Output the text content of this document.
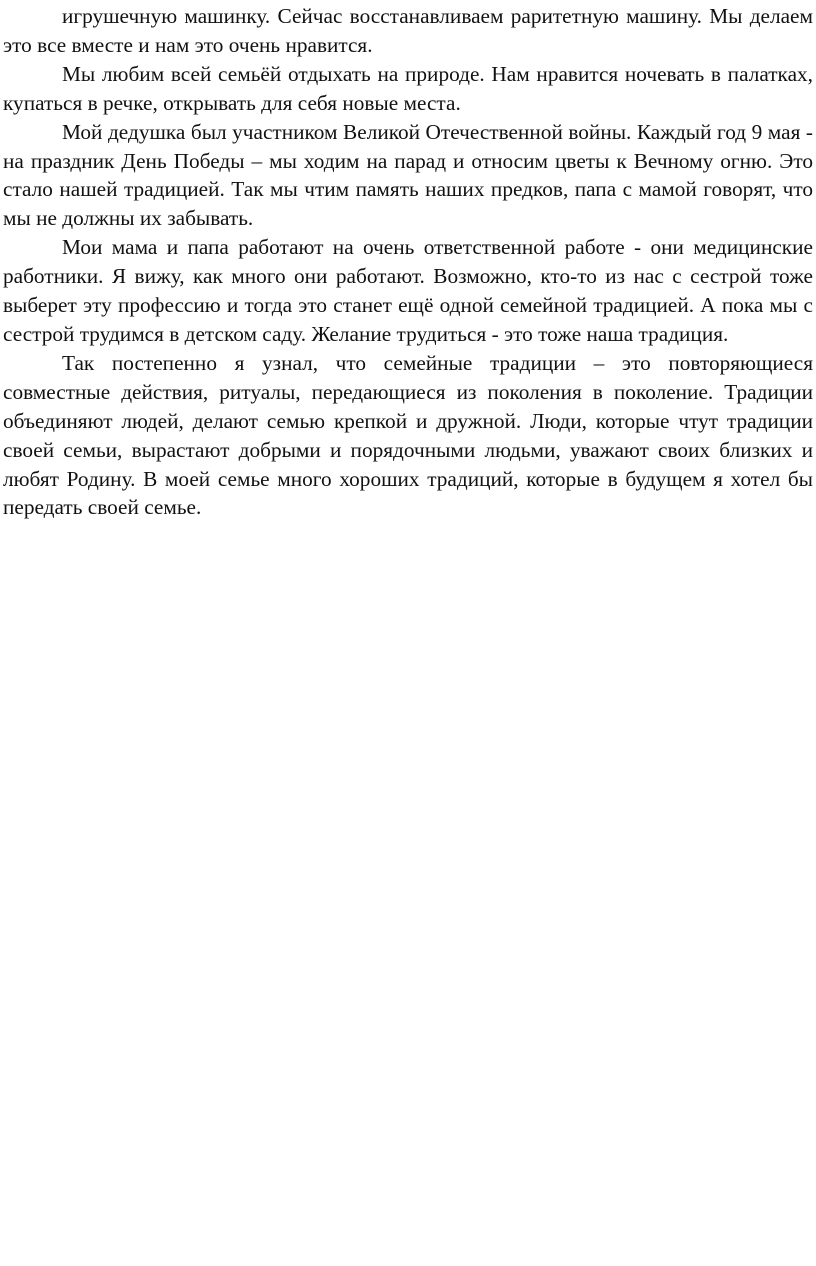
игрушечную машинку. Сейчас восстанавливаем раритетную машину. Мы делаем это все вместе и нам это очень нравится.

Мы любим всей семьёй отдыхать на природе. Нам нравится ночевать в палатках, купаться в речке, открывать для себя новые места.

Мой дедушка был участником Великой Отечественной войны. Каждый год 9 мая - на праздник День Победы – мы ходим на парад и относим цветы к Вечному огню. Это стало нашей традицией. Так мы чтим память наших предков, папа с мамой говорят, что мы не должны их забывать.

Мои мама и папа работают на очень ответственной работе - они медицинские работники. Я вижу, как много они работают. Возможно, кто-то из нас с сестрой тоже выберет эту профессию и тогда это станет ещё одной семейной традицией. А пока мы с сестрой трудимся в детском саду. Желание трудиться - это тоже наша традиция.

Так постепенно я узнал, что семейные традиции – это повторяющиеся совместные действия, ритуалы, передающиеся из поколения в поколение. Традиции объединяют людей, делают семью крепкой и дружной. Люди, которые чтут традиции своей семьи, вырастают добрыми и порядочными людьми, уважают своих близких и любят Родину. В моей семье много хороших традиций, которые в будущем я хотел бы передать своей семье.
